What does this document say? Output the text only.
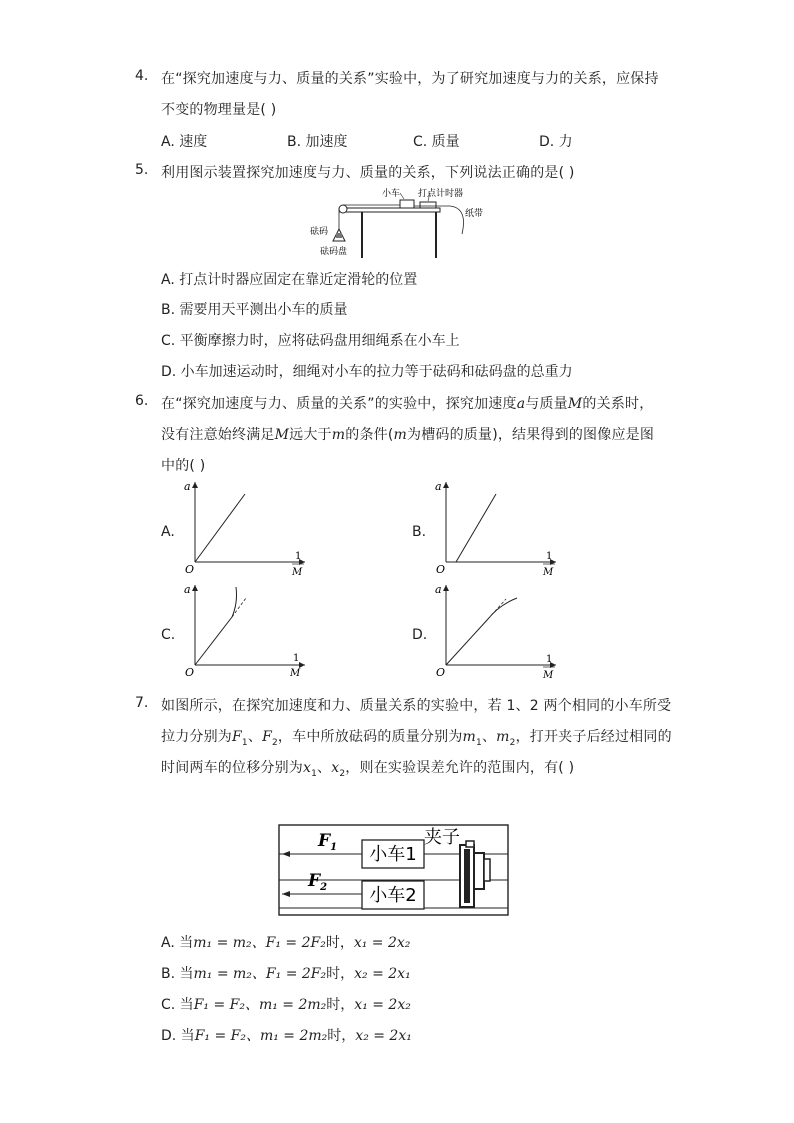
4. 在“探究加速度与力、质量的关系”实验中，为了研究加速度与力的关系，应保持
不变的物理量是( )
A. 速度	B. 加速度	C. 质量	D. 力
5. 利用图示装置探究加速度与力、质量的关系，下列说法正确的是( )
小车 打点计时器
纸带
砝码
砝码盘
A. 打点计时器应固定在靠近定滑轮的位置
B. 需要用天平测出小车的质量
C. 平衡摩擦力时，应将砝码盘用细绳系在小车上
D. 小车加速运动时，细绳对小车的拉力等于砝码和砝码盘的总重力
6. 在“探究加速度与力、质量的关系”的实验中，探究加速度a与质量M的关系时，
没有注意始终满足M远大于m的条件(m为槽码的质量)，结果得到的图像应是图
中的( )
A.	B.
C.	D.
a
O
1
M
a
O
1
M
a
O
1
M
a
O
1
M
7. 如图所示，在探究加速度和力、质量关系的实验中，若 1、2 两个相同的小车所受
拉力分别为$F_1$、$F_2$，车中所放砝码的质量分别为$m_1$、$m_2$，打开夹子后经过相同的
时间两车的位移分别为$x_1$、$x_2$，则在实验误差允许的范围内，有( )
$F_1$
$F_2$
小车1
小车2
夹子
A. 当m₁ = m₂、F₁ = 2F₂时，x₁ = 2x₂
B. 当m₁ = m₂、F₁ = 2F₂时，x₂ = 2x₁
C. 当F₁ = F₂、m₁ = 2m₂时，x₁ = 2x₂
D. 当F₁ = F₂、m₁ = 2m₂时，x₂ = 2x₁
